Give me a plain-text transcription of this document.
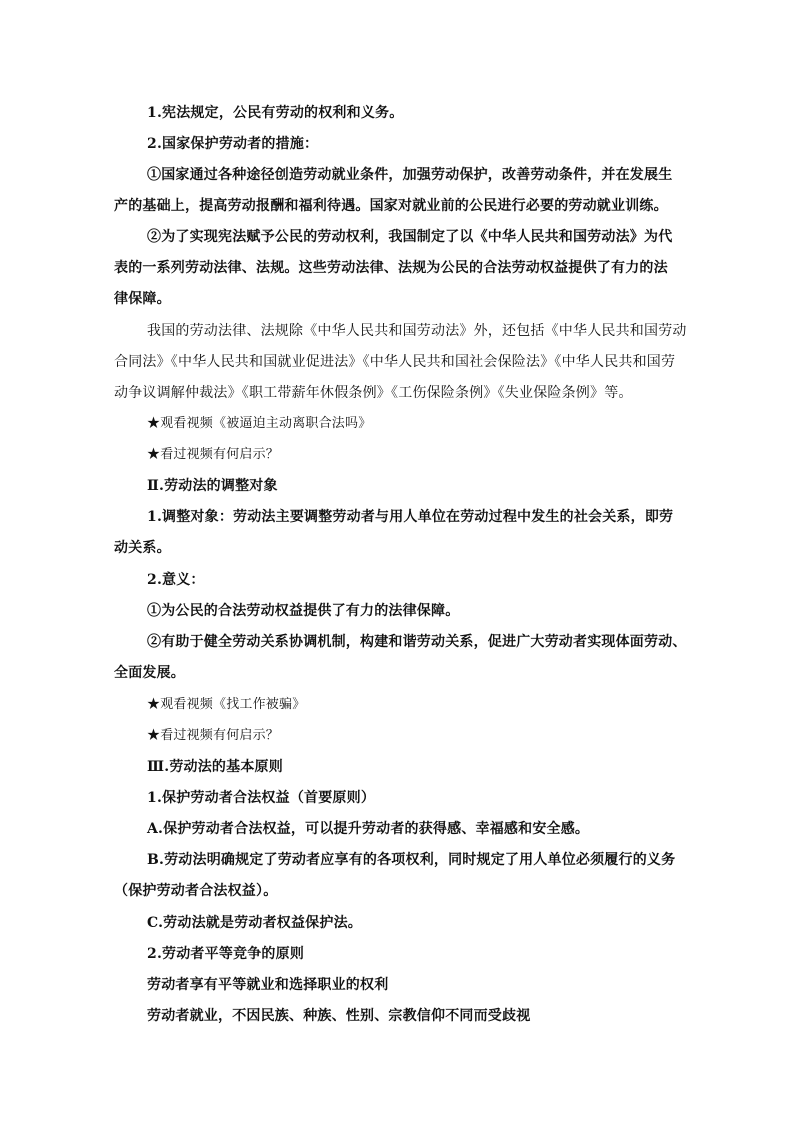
1.宪法规定，公民有劳动的权利和义务。
2.国家保护劳动者的措施：
①国家通过各种途径创造劳动就业条件，加强劳动保护，改善劳动条件，并在发展生
产的基础上，提高劳动报酬和福利待遇。国家对就业前的公民进行必要的劳动就业训练。
②为了实现宪法赋予公民的劳动权利，我国制定了以《中华人民共和国劳动法》为代
表的一系列劳动法律、法规。这些劳动法律、法规为公民的合法劳动权益提供了有力的法
律保障。
我国的劳动法律、法规除《中华人民共和国劳动法》外，还包括《中华人民共和国劳动
合同法》《中华人民共和国就业促进法》《中华人民共和国社会保险法》《中华人民共和国劳
动争议调解仲裁法》《职工带薪年休假条例》《工伤保险条例》《失业保险条例》等。
★观看视频《被逼迫主动离职合法吗》
★看过视频有何启示？
Ⅱ.劳动法的调整对象
1.调整对象：劳动法主要调整劳动者与用人单位在劳动过程中发生的社会关系，即劳
动关系。
2.意义：
①为公民的合法劳动权益提供了有力的法律保障。
②有助于健全劳动关系协调机制，构建和谐劳动关系，促进广大劳动者实现体面劳动、
全面发展。
★观看视频《找工作被骗》
★看过视频有何启示？
Ⅲ.劳动法的基本原则
1.保护劳动者合法权益（首要原则）
A.保护劳动者合法权益，可以提升劳动者的获得感、幸福感和安全感。
B.劳动法明确规定了劳动者应享有的各项权利，同时规定了用人单位必须履行的义务
（保护劳动者合法权益）。
C.劳动法就是劳动者权益保护法。
2.劳动者平等竞争的原则
劳动者享有平等就业和选择职业的权利
劳动者就业，不因民族、种族、性别、宗教信仰不同而受歧视
